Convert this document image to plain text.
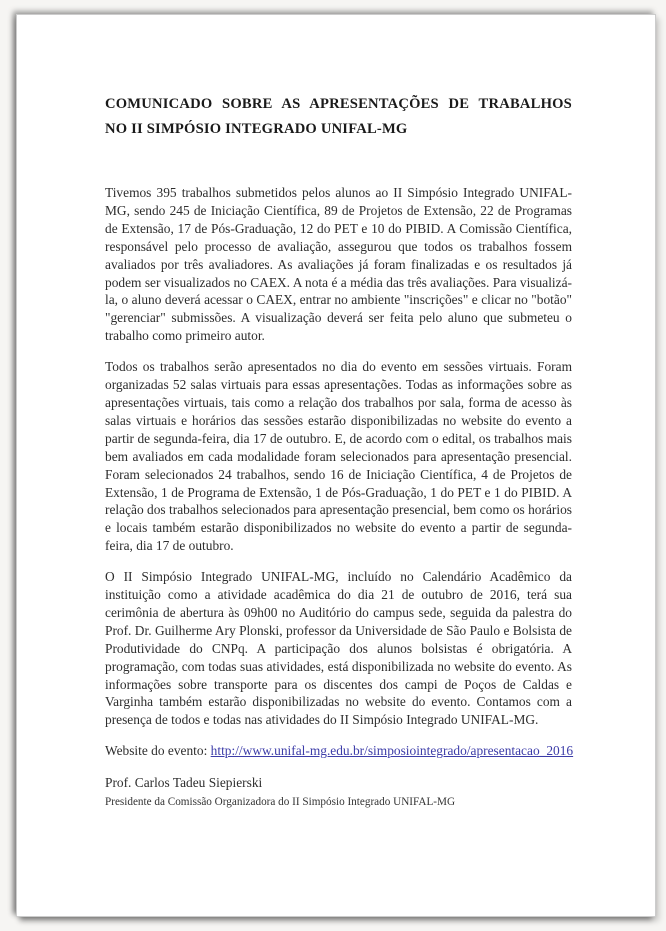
COMUNICADO SOBRE AS APRESENTAÇÕES DE TRABALHOS
NO II SIMPÓSIO INTEGRADO UNIFAL-MG

Tivemos 395 trabalhos submetidos pelos alunos ao II Simpósio Integrado UNIFAL-MG, sendo 245 de Iniciação Científica, 89 de Projetos de Extensão, 22 de Programas de Extensão, 17 de Pós-Graduação, 12 do PET e 10 do PIBID. A Comissão Científica, responsável pelo processo de avaliação, assegurou que todos os trabalhos fossem avaliados por três avaliadores. As avaliações já foram finalizadas e os resultados já podem ser visualizados no CAEX. A nota é a média das três avaliações. Para visualizá-la, o aluno deverá acessar o CAEX, entrar no ambiente "inscrições" e clicar no "botão" "gerenciar" submissões. A visualização deverá ser feita pelo aluno que submeteu o trabalho como primeiro autor.

Todos os trabalhos serão apresentados no dia do evento em sessões virtuais. Foram organizadas 52 salas virtuais para essas apresentações. Todas as informações sobre as apresentações virtuais, tais como a relação dos trabalhos por sala, forma de acesso às salas virtuais e horários das sessões estarão disponibilizadas no website do evento a partir de segunda-feira, dia 17 de outubro. E, de acordo com o edital, os trabalhos mais bem avaliados em cada modalidade foram selecionados para apresentação presencial. Foram selecionados 24 trabalhos, sendo 16 de Iniciação Científica, 4 de Projetos de Extensão, 1 de Programa de Extensão, 1 de Pós-Graduação, 1 do PET e 1 do PIBID. A relação dos trabalhos selecionados para apresentação presencial, bem como os horários e locais também estarão disponibilizados no website do evento a partir de segunda-feira, dia 17 de outubro.

O II Simpósio Integrado UNIFAL-MG, incluído no Calendário Acadêmico da instituição como a atividade acadêmica do dia 21 de outubro de 2016, terá sua cerimônia de abertura às 09h00 no Auditório do campus sede, seguida da palestra do Prof. Dr. Guilherme Ary Plonski, professor da Universidade de São Paulo e Bolsista de Produtividade do CNPq. A participação dos alunos bolsistas é obrigatória. A programação, com todas suas atividades, está disponibilizada no website do evento. As informações sobre transporte para os discentes dos campi de Poços de Caldas e Varginha também estarão disponibilizadas no website do evento. Contamos com a presença de todos e todas nas atividades do II Simpósio Integrado UNIFAL-MG.

Website do evento: http://www.unifal-mg.edu.br/simposiointegrado/apresentacao_2016

Prof. Carlos Tadeu Siepierski

Presidente da Comissão Organizadora do II Simpósio Integrado UNIFAL-MG
